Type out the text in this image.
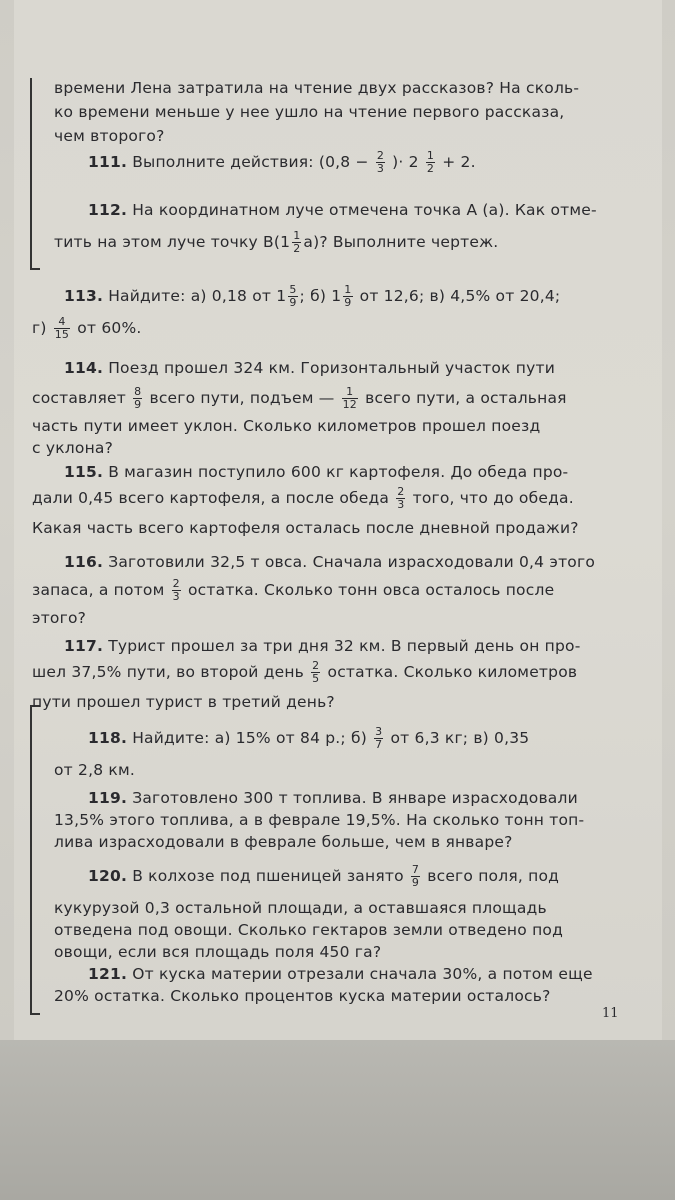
времени Лена затратила на чтение двух рассказов? На сколь-
ко времени меньше у нее ушло на чтение первого рассказа,
чем второго?
111. Выполните действия: ($0,8 - \frac{2}{3}$ )· $2 \frac{1}{2} + 2$.
112. На координатном луче отмечена точка A (a). Как отме-
тить на этом луче точку $B(1 \frac{1}{2} a)$? Выполните чертеж.
113. Найдите: а) 0,18 от $1 \frac{5}{9}$ ; б) $1 \frac{1}{9}$ от 12,6; в) 4,5% от 20,4;
$г) \frac{4}{15}$ от 60%.
114. Поезд прошел 324 км. Горизонтальный участок пути
составляет $\frac{8}{9}$ всего пути, подъем — $\frac{1}{12}$ всего пути, а остальная
часть пути имеет уклон. Сколько километров прошел поезд
с уклона?
115. В магазин поступило 600 кг картофеля. До обеда про-
дали 0,45 всего картофеля, а после обеда $\frac{2}{3}$ того, что до обеда.
Какая часть всего картофеля осталась после дневной продажи?
116. Заготовили 32,5 т овса. Сначала израсходовали 0,4 этого
запаса, а потом $\frac{2}{3}$ остатка. Сколько тонн овса осталось после
этого?
117. Турист прошел за три дня 32 км. В первый день он про-
шел 37,5% пути, во второй день $\frac{2}{5}$ остатка. Сколько километров
пути прошел турист в третий день?
118. Найдите: а) 15% от 84 р.; $б) \frac{3}{7}$ от 6,3 кг; в) 0,35
от 2,8 км.
119. Заготовлено 300 т топлива. В январе израсходовали
13,5% этого топлива, а в феврале 19,5%. На сколько тонн топ-
лива израсходовали в феврале больше, чем в январе?
120. В колхозе под пшеницей занято $\frac{7}{9}$ всего поля, под
кукурузой 0,3 остальной площади, а оставшаяся площадь
отведена под овощи. Сколько гектаров земли отведено под
овощи, если вся площадь поля 450 га?
121. От куска материи отрезали сначала 30%, а потом еще
20% остатка. Сколько процентов куска материи осталось?
11
